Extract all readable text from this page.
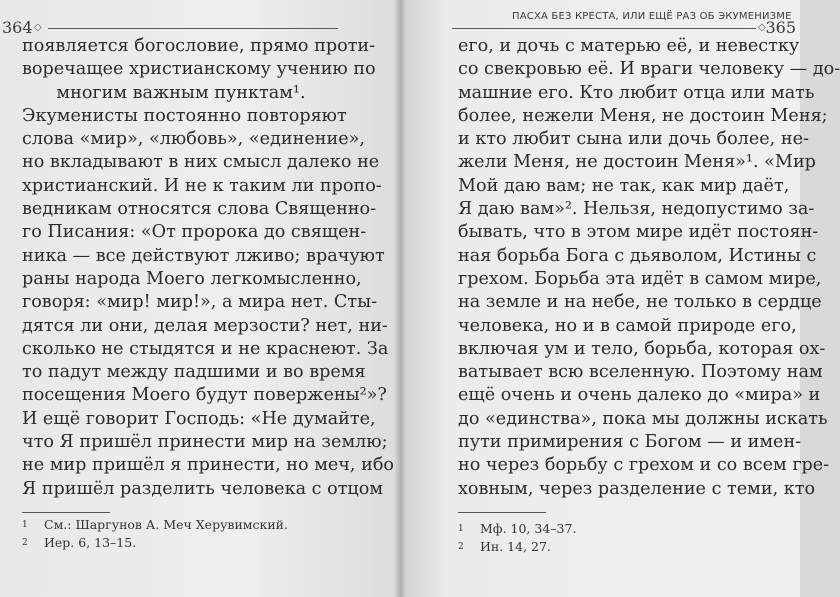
364 ◇
появляется богословие, прямо проти-
воречащее христианскому учению по
многим важным пунктам¹.
Экуменисты постоянно повторяют
слова «мир», «любовь», «единение»,
но вкладывают в них смысл далеко не
христианский. И не к таким ли пропо-
ведникам относятся слова Священно-
го Писания: «От пророка до священ-
ника — все действуют лживо; врачуют
раны народа Моего легкомысленно,
говоря: «мир! мир!», а мира нет. Сты-
дятся ли они, делая мерзости? нет, ни-
сколько не стыдятся и не краснеют. За
то падут между падшими и во время
посещения Моего будут повержены²»?
И ещё говорит Господь: «Не думайте,
что Я пришёл принести мир на землю;
не мир пришёл я принести, но меч, ибо
Я пришёл разделить человека с отцом
1 См.: Шаргунов А. Меч Херувимский.
2 Иер. 6, 13–15.
ПАСХА БЕЗ КРЕСТА, ИЛИ ЕЩЁ РАЗ ОБ ЭКУМЕНИЗМЕ
◇ 365
его, и дочь с матерью её, и невестку
со свекровью её. И враги человеку — до-
машние его. Кто любит отца или мать
более, нежели Меня, не достоин Меня;
и кто любит сына или дочь более, не-
жели Меня, не достоин Меня»¹. «Мир
Мой даю вам; не так, как мир даёт,
Я даю вам»². Нельзя, недопустимо за-
бывать, что в этом мире идёт постоян-
ная борьба Бога с дьяволом, Истины с
грехом. Борьба эта идёт в самом мире,
на земле и на небе, не только в сердце
человека, но и в самой природе его,
включая ум и тело, борьба, которая ох-
ватывает всю вселенную. Поэтому нам
ещё очень и очень далеко до «мира» и
до «единства», пока мы должны искать
пути примирения с Богом — и имен-
но через борьбу с грехом и со всем гре-
ховным, через разделение с теми, кто
1 Мф. 10, 34–37.
2 Ин. 14, 27.
